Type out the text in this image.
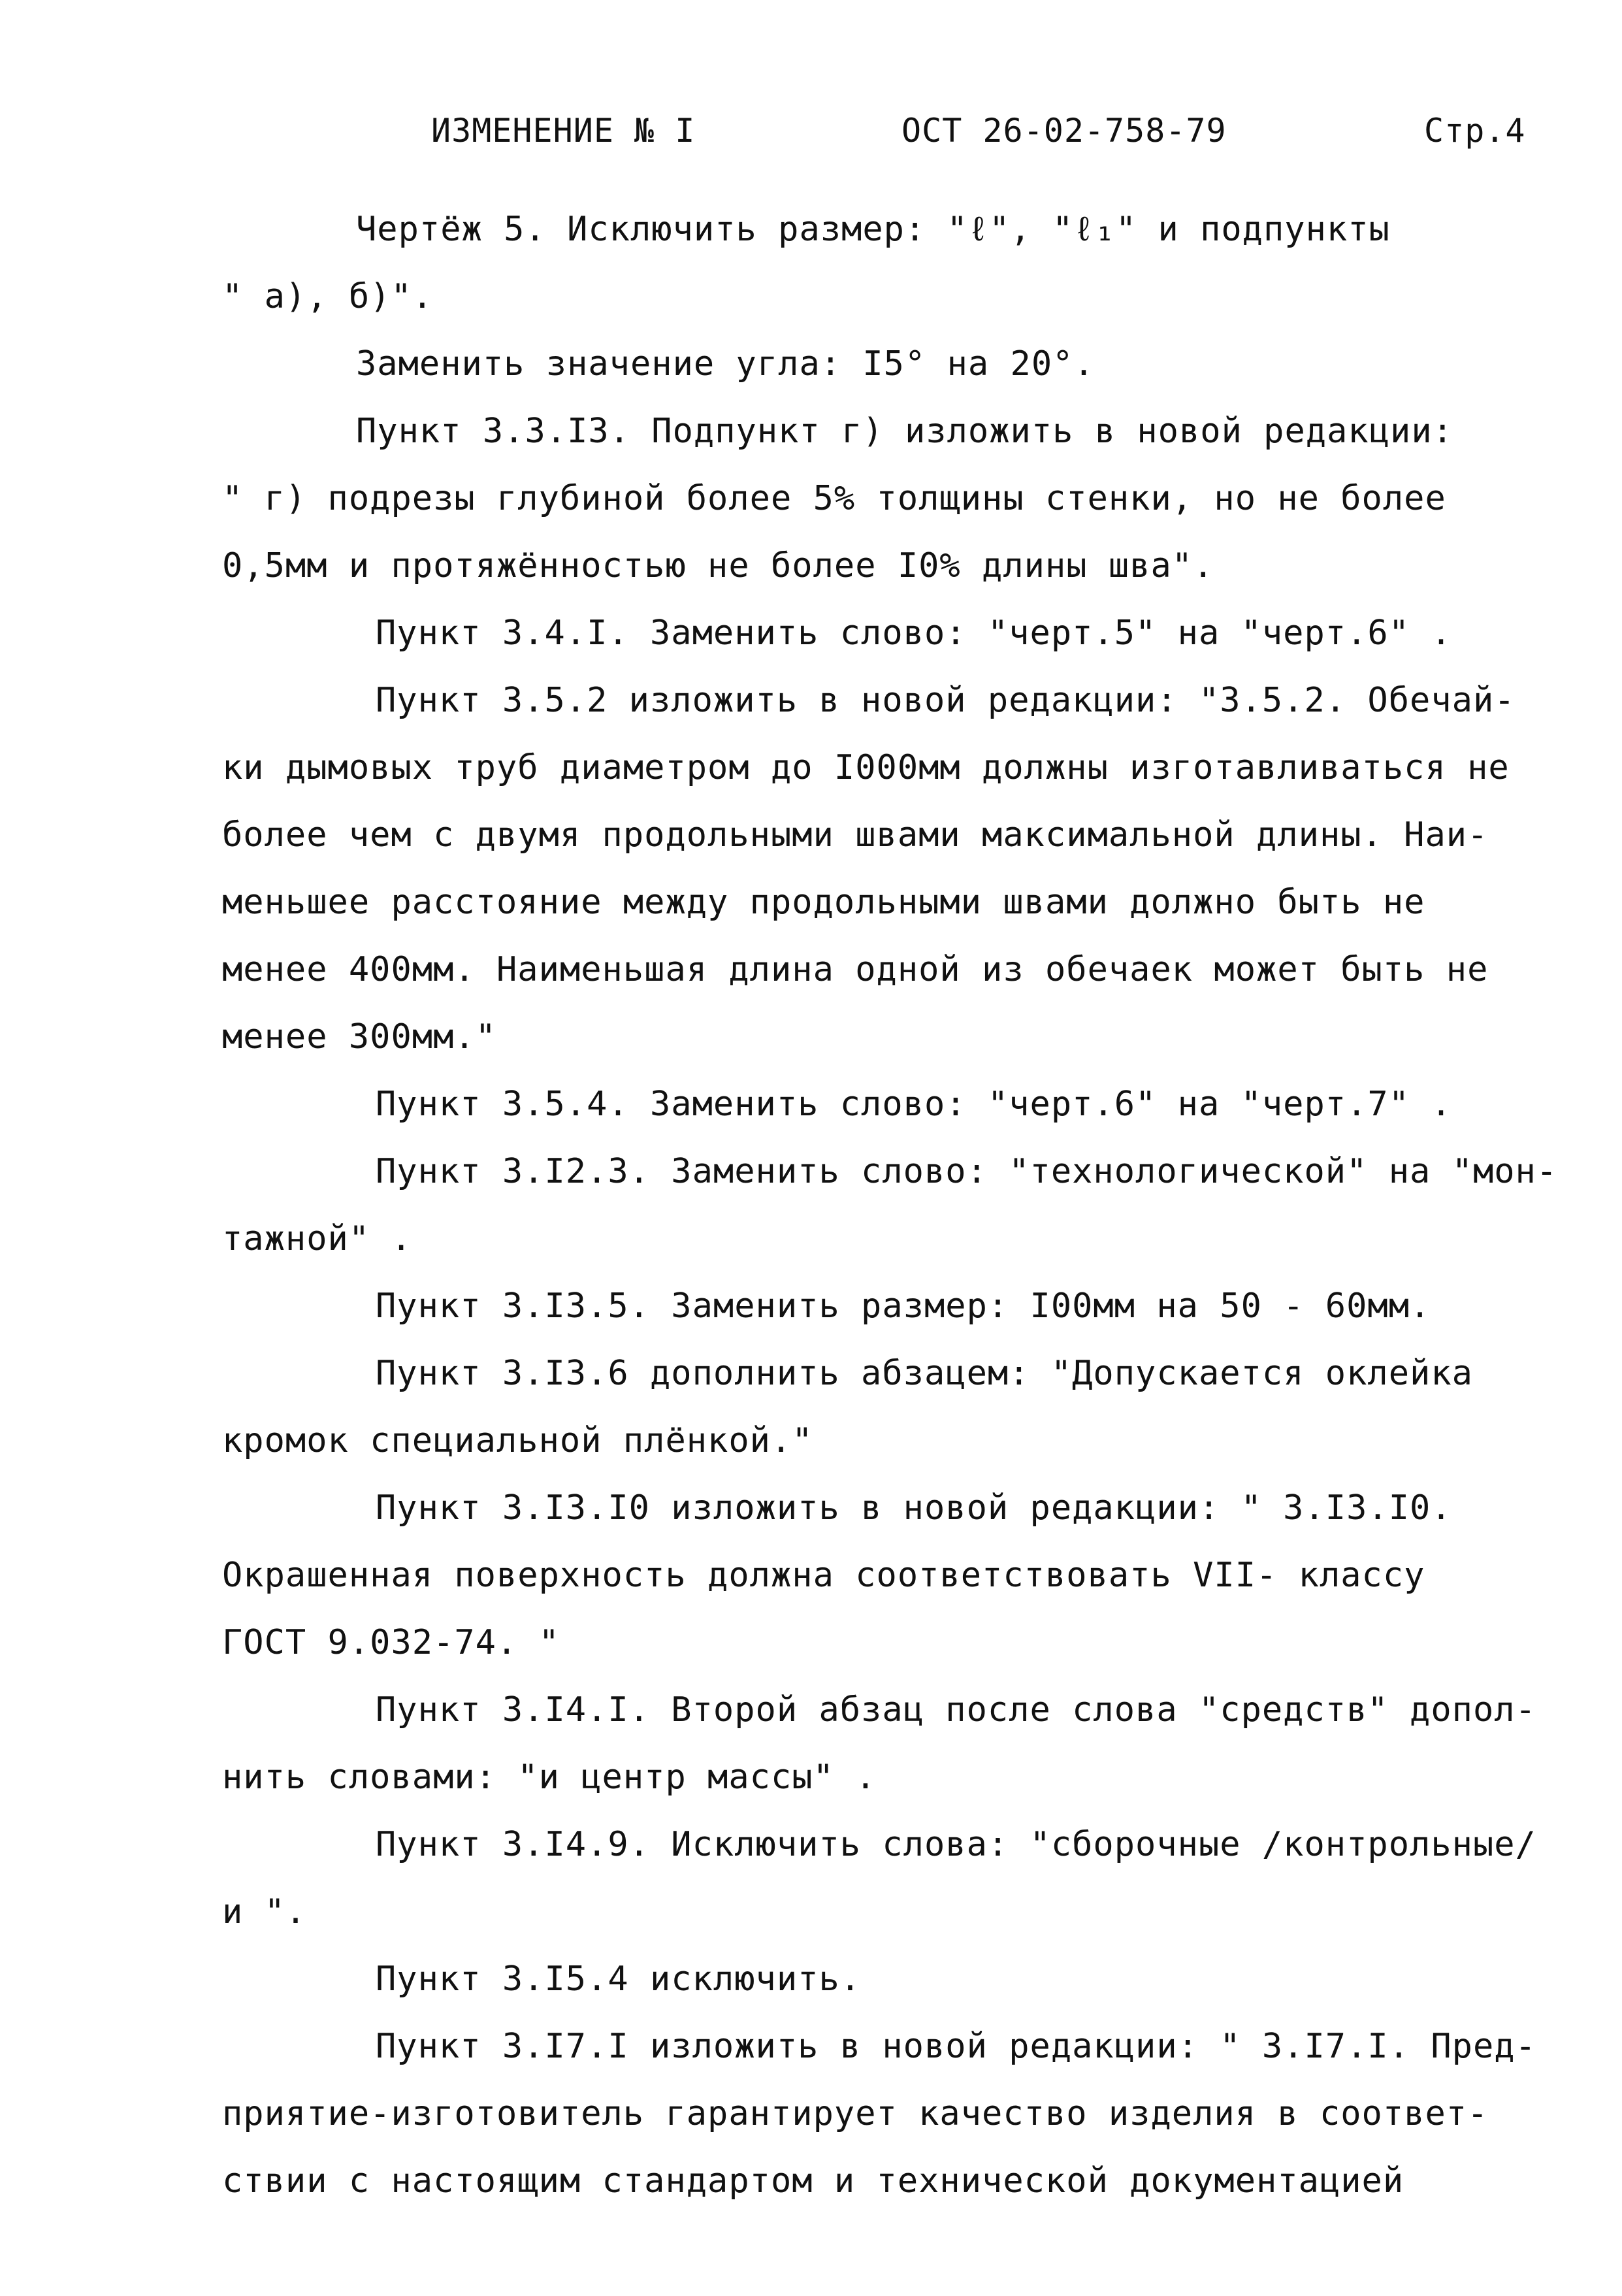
ИЗМЕНЕНИЕ № I	ОСТ 26-02-758-79	Стр.4
Чертёж 5. Исключить размер: "ℓ", "ℓ₁" и подпункты
" а), б)".
Заменить значение угла: I5° на 20°.
Пункт 3.3.I3. Подпункт г) изложить в новой редакции:
" г) подрезы глубиной более 5% толщины стенки, но не более
0,5мм и протяжённостью не более I0% длины шва".
Пункт 3.4.I. Заменить слово: "черт.5" на "черт.6" .
Пункт 3.5.2 изложить в новой редакции: "3.5.2. Обечай-
ки дымовых труб диаметром до I000мм должны изготавливаться не
более чем с двумя продольными швами максимальной длины. Наи-
меньшее расстояние между продольными швами должно быть не
менее 400мм. Наименьшая длина одной из обечаек может быть не
менее 300мм."
Пункт 3.5.4. Заменить слово: "черт.6" на "черт.7" .
Пункт 3.I2.3. Заменить слово: "технологической" на "мон-
тажной" .
Пункт 3.I3.5. Заменить размер: I00мм на 50 - 60мм.
Пункт 3.I3.6 дополнить абзацем: "Допускается оклейка
кромок специальной плёнкой."
Пункт 3.I3.I0 изложить в новой редакции: " 3.I3.I0.
Окрашенная поверхность должна соответствовать VII- классу
ГОСТ 9.032-74. "
Пункт 3.I4.I. Второй абзац после слова "средств" допол-
нить словами: "и центр массы" .
Пункт 3.I4.9. Исключить слова: "сборочные /контрольные/
и ".
Пункт 3.I5.4 исключить.
Пункт 3.I7.I изложить в новой редакции: " 3.I7.I. Пред-
приятие-изготовитель гарантирует качество изделия в соответ-
ствии с настоящим стандартом и технической документацией
